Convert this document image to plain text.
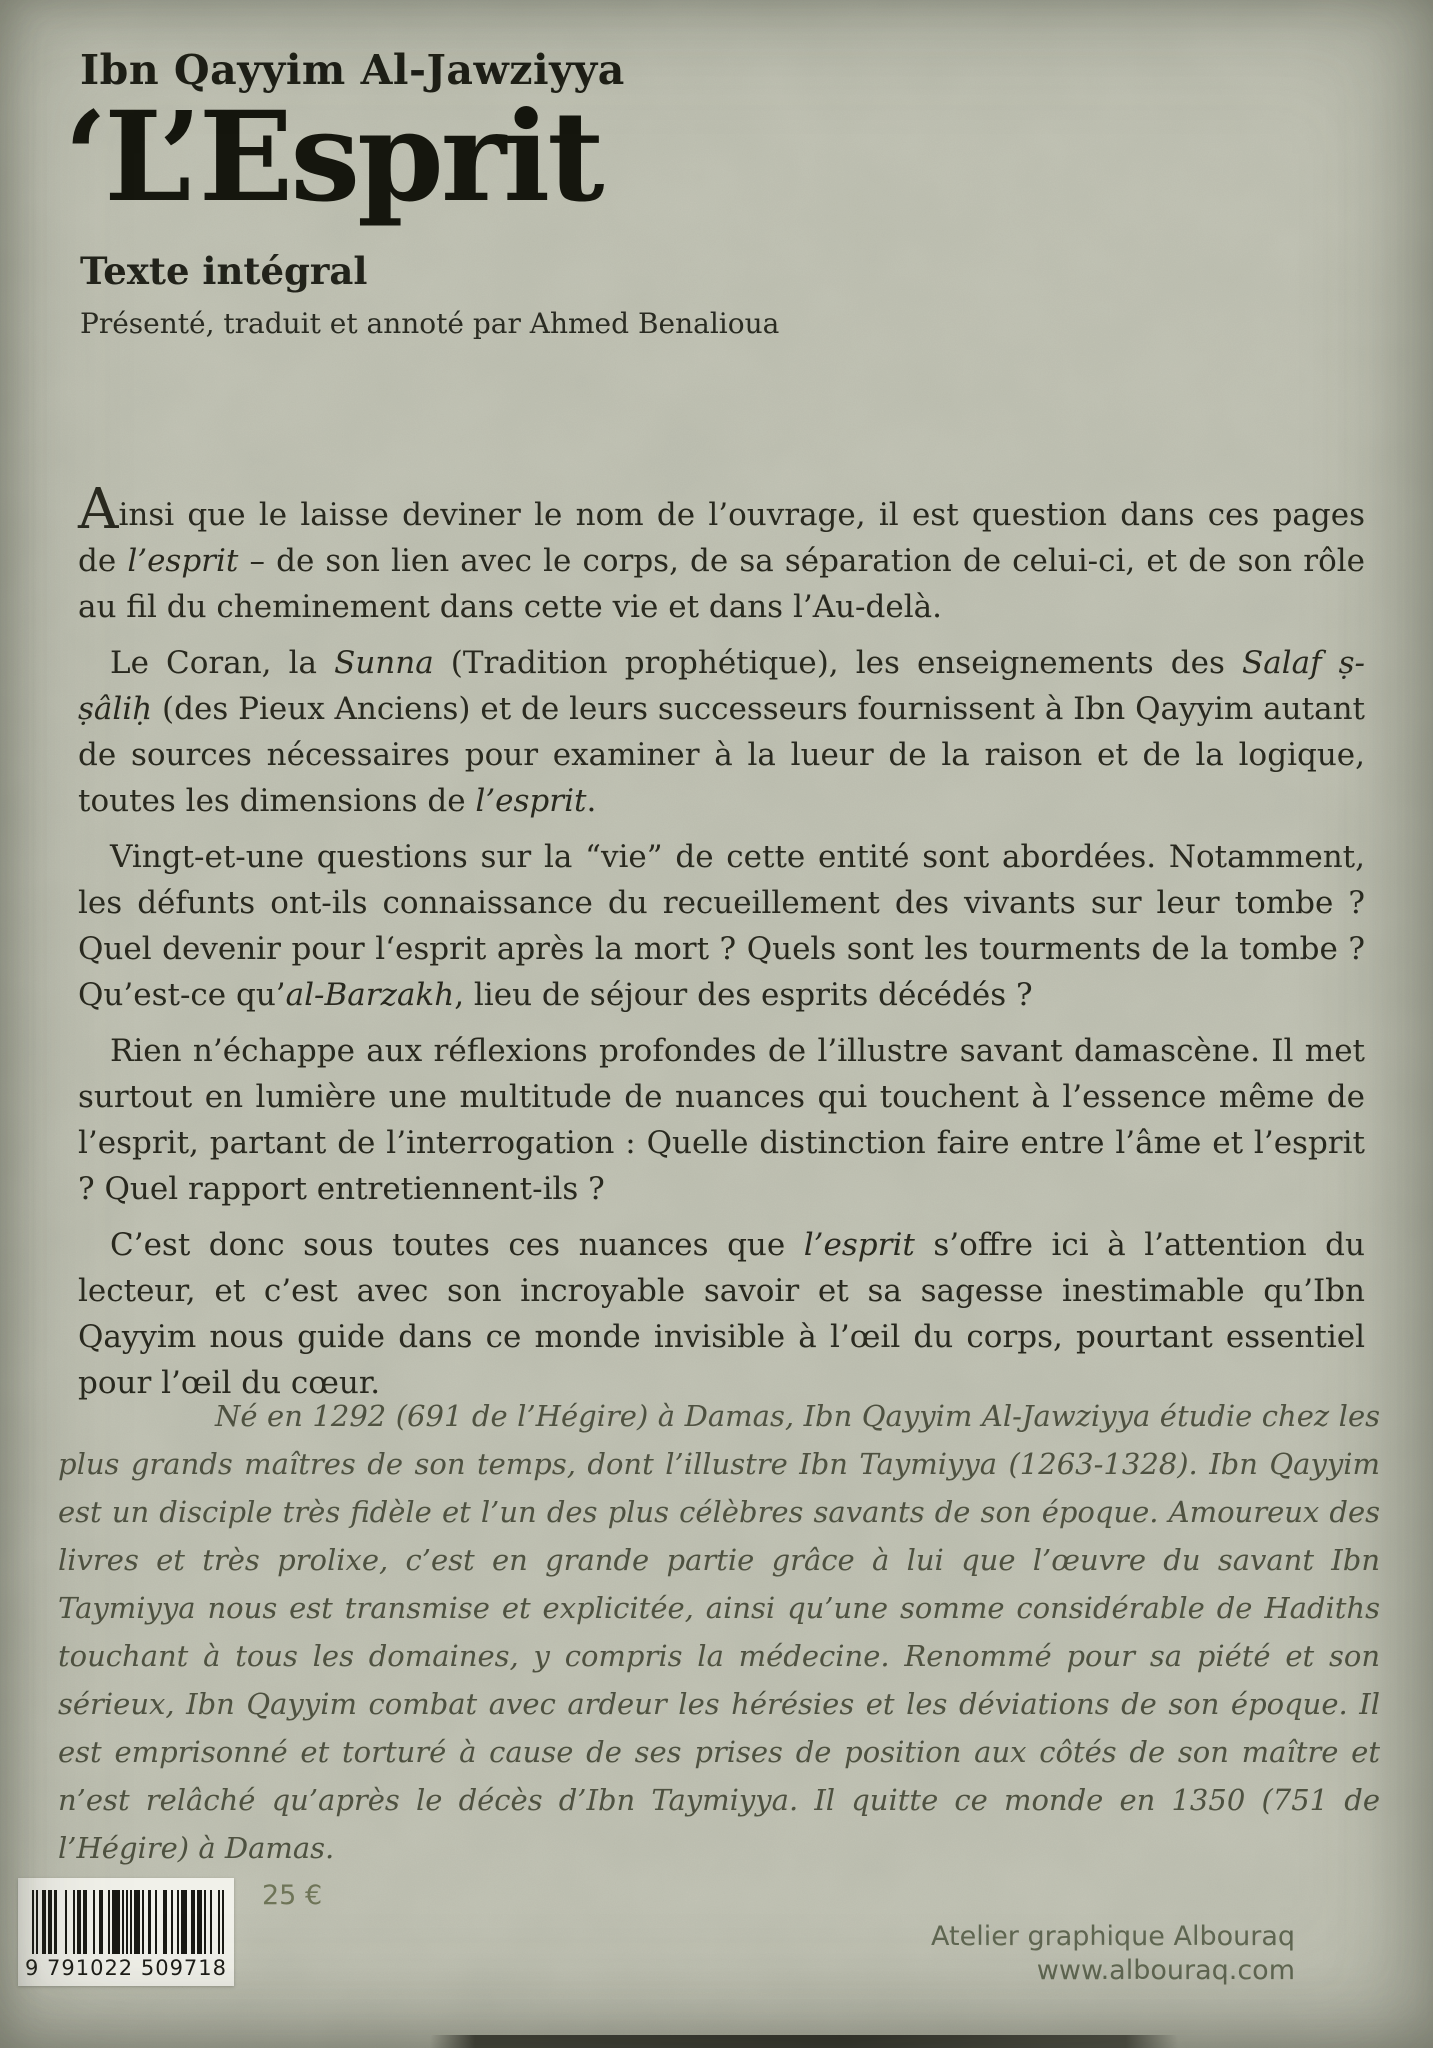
Ibn Qayyim Al-Jawziyya
‘L’Esprit
Texte intégral
Présenté, traduit et annoté par Ahmed Benalioua

Ainsi que le laisse deviner le nom de l’ouvrage, il est question dans ces pages de l’esprit – de son lien avec le corps, de sa séparation de celui-ci, et de son rôle au fil du cheminement dans cette vie et dans l’Au-delà.

Le Coran, la Sunna (Tradition prophétique), les enseignements des Salaf ṣ-ṣâliḥ (des Pieux Anciens) et de leurs successeurs fournissent à Ibn Qayyim autant de sources nécessaires pour examiner à la lueur de la raison et de la logique, toutes les dimensions de l’esprit.

Vingt-et-une questions sur la “vie” de cette entité sont abordées. Notamment, les défunts ont-ils connaissance du recueillement des vivants sur leur tombe ? Quel devenir pour l‘esprit après la mort ? Quels sont les tourments de la tombe ? Qu’est-ce qu’al-Barzakh, lieu de séjour des esprits décédés ?

Rien n’échappe aux réflexions profondes de l’illustre savant damascène. Il met surtout en lumière une multitude de nuances qui touchent à l’essence même de l’esprit, partant de l’interrogation : Quelle distinction faire entre l’âme et l’esprit ? Quel rapport entretiennent-ils ?

C’est donc sous toutes ces nuances que l’esprit s’offre ici à l’attention du lecteur, et c’est avec son incroyable savoir et sa sagesse inestimable qu’Ibn Qayyim nous guide dans ce monde invisible à l’œil du corps, pourtant essentiel pour l’œil du cœur.

Né en 1292 (691 de l’Hégire) à Damas, Ibn Qayyim Al-Jawziyya étudie chez les plus grands maîtres de son temps, dont l’illustre Ibn Taymiyya (1263-1328). Ibn Qayyim est un disciple très fidèle et l’un des plus célèbres savants de son époque. Amoureux des livres et très prolixe, c’est en grande partie grâce à lui que l’œuvre du savant Ibn Taymiyya nous est transmise et explicitée, ainsi qu’une somme considérable de Hadiths touchant à tous les domaines, y compris la médecine. Renommé pour sa piété et son sérieux, Ibn Qayyim combat avec ardeur les hérésies et les déviations de son époque. Il est emprisonné et torturé à cause de ses prises de position aux côtés de son maître et n’est relâché qu’après le décès d’Ibn Taymiyya. Il quitte ce monde en 1350 (751 de l’Hégire) à Damas.
9 791022 509718
25 €
Atelier graphique Albouraq
www.albouraq.com
